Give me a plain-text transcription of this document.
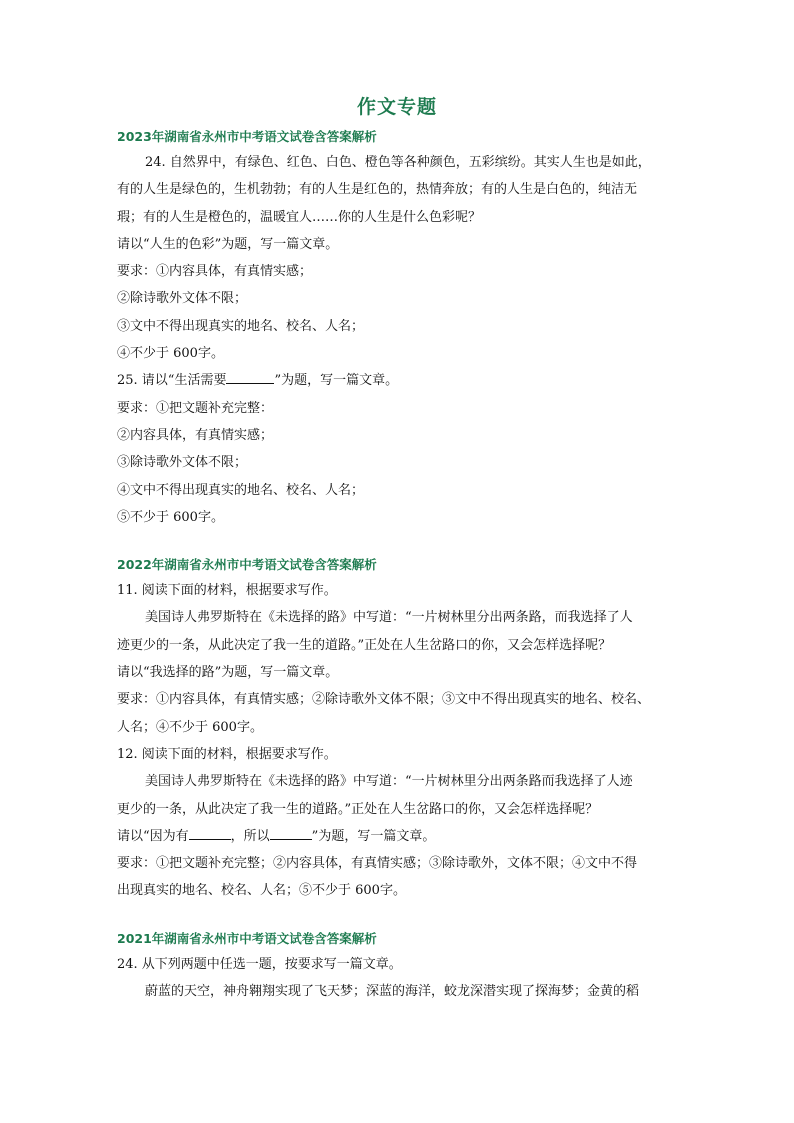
作文专题
2023年湖南省永州市中考语文试卷含答案解析
24. 自然界中，有绿色、红色、白色、橙色等各种颜色，五彩缤纷。其实人生也是如此，
有的人生是绿色的，生机勃勃；有的人生是红色的，热情奔放；有的人生是白色的，纯洁无
瑕；有的人生是橙色的，温暖宜人……你的人生是什么色彩呢？
请以“人生的色彩”为题，写一篇文章。
要求：①内容具体，有真情实感；
②除诗歌外文体不限；
③文中不得出现真实的地名、校名、人名；
④不少于 600字。
25. 请以“生活需要	”为题，写一篇文章。
要求：①把文题补充完整：
②内容具体，有真情实感；
③除诗歌外文体不限；
④文中不得出现真实的地名、校名、人名；
⑤不少于 600字。
2022年湖南省永州市中考语文试卷含答案解析
11. 阅读下面的材料，根据要求写作。
美国诗人弗罗斯特在《未选择的路》中写道：“一片树林里分出两条路，而我选择了人
迹更少的一条，从此决定了我一生的道路。”正处在人生岔路口的你，又会怎样选择呢？
请以“我选择的路”为题，写一篇文章。
要求：①内容具体，有真情实感；②除诗歌外文体不限；③文中不得出现真实的地名、校名、
人名；④不少于 600字。
12. 阅读下面的材料，根据要求写作。
美国诗人弗罗斯特在《未选择的路》中写道：“一片树林里分出两条路而我选择了人迹
更少的一条，从此决定了我一生的道路。”正处在人生岔路口的你，又会怎样选择呢？
请以“因为有	，所以	”为题，写一篇文章。
要求：①把文题补充完整；②内容具体，有真情实感；③除诗歌外，文体不限；④文中不得
出现真实的地名、校名、人名；⑤不少于 600字。
2021年湖南省永州市中考语文试卷含答案解析
24. 从下列两题中任选一题，按要求写一篇文章。
蔚蓝的天空，神舟翱翔实现了飞天梦；深蓝的海洋，蛟龙深潜实现了探海梦；金黄的稻
